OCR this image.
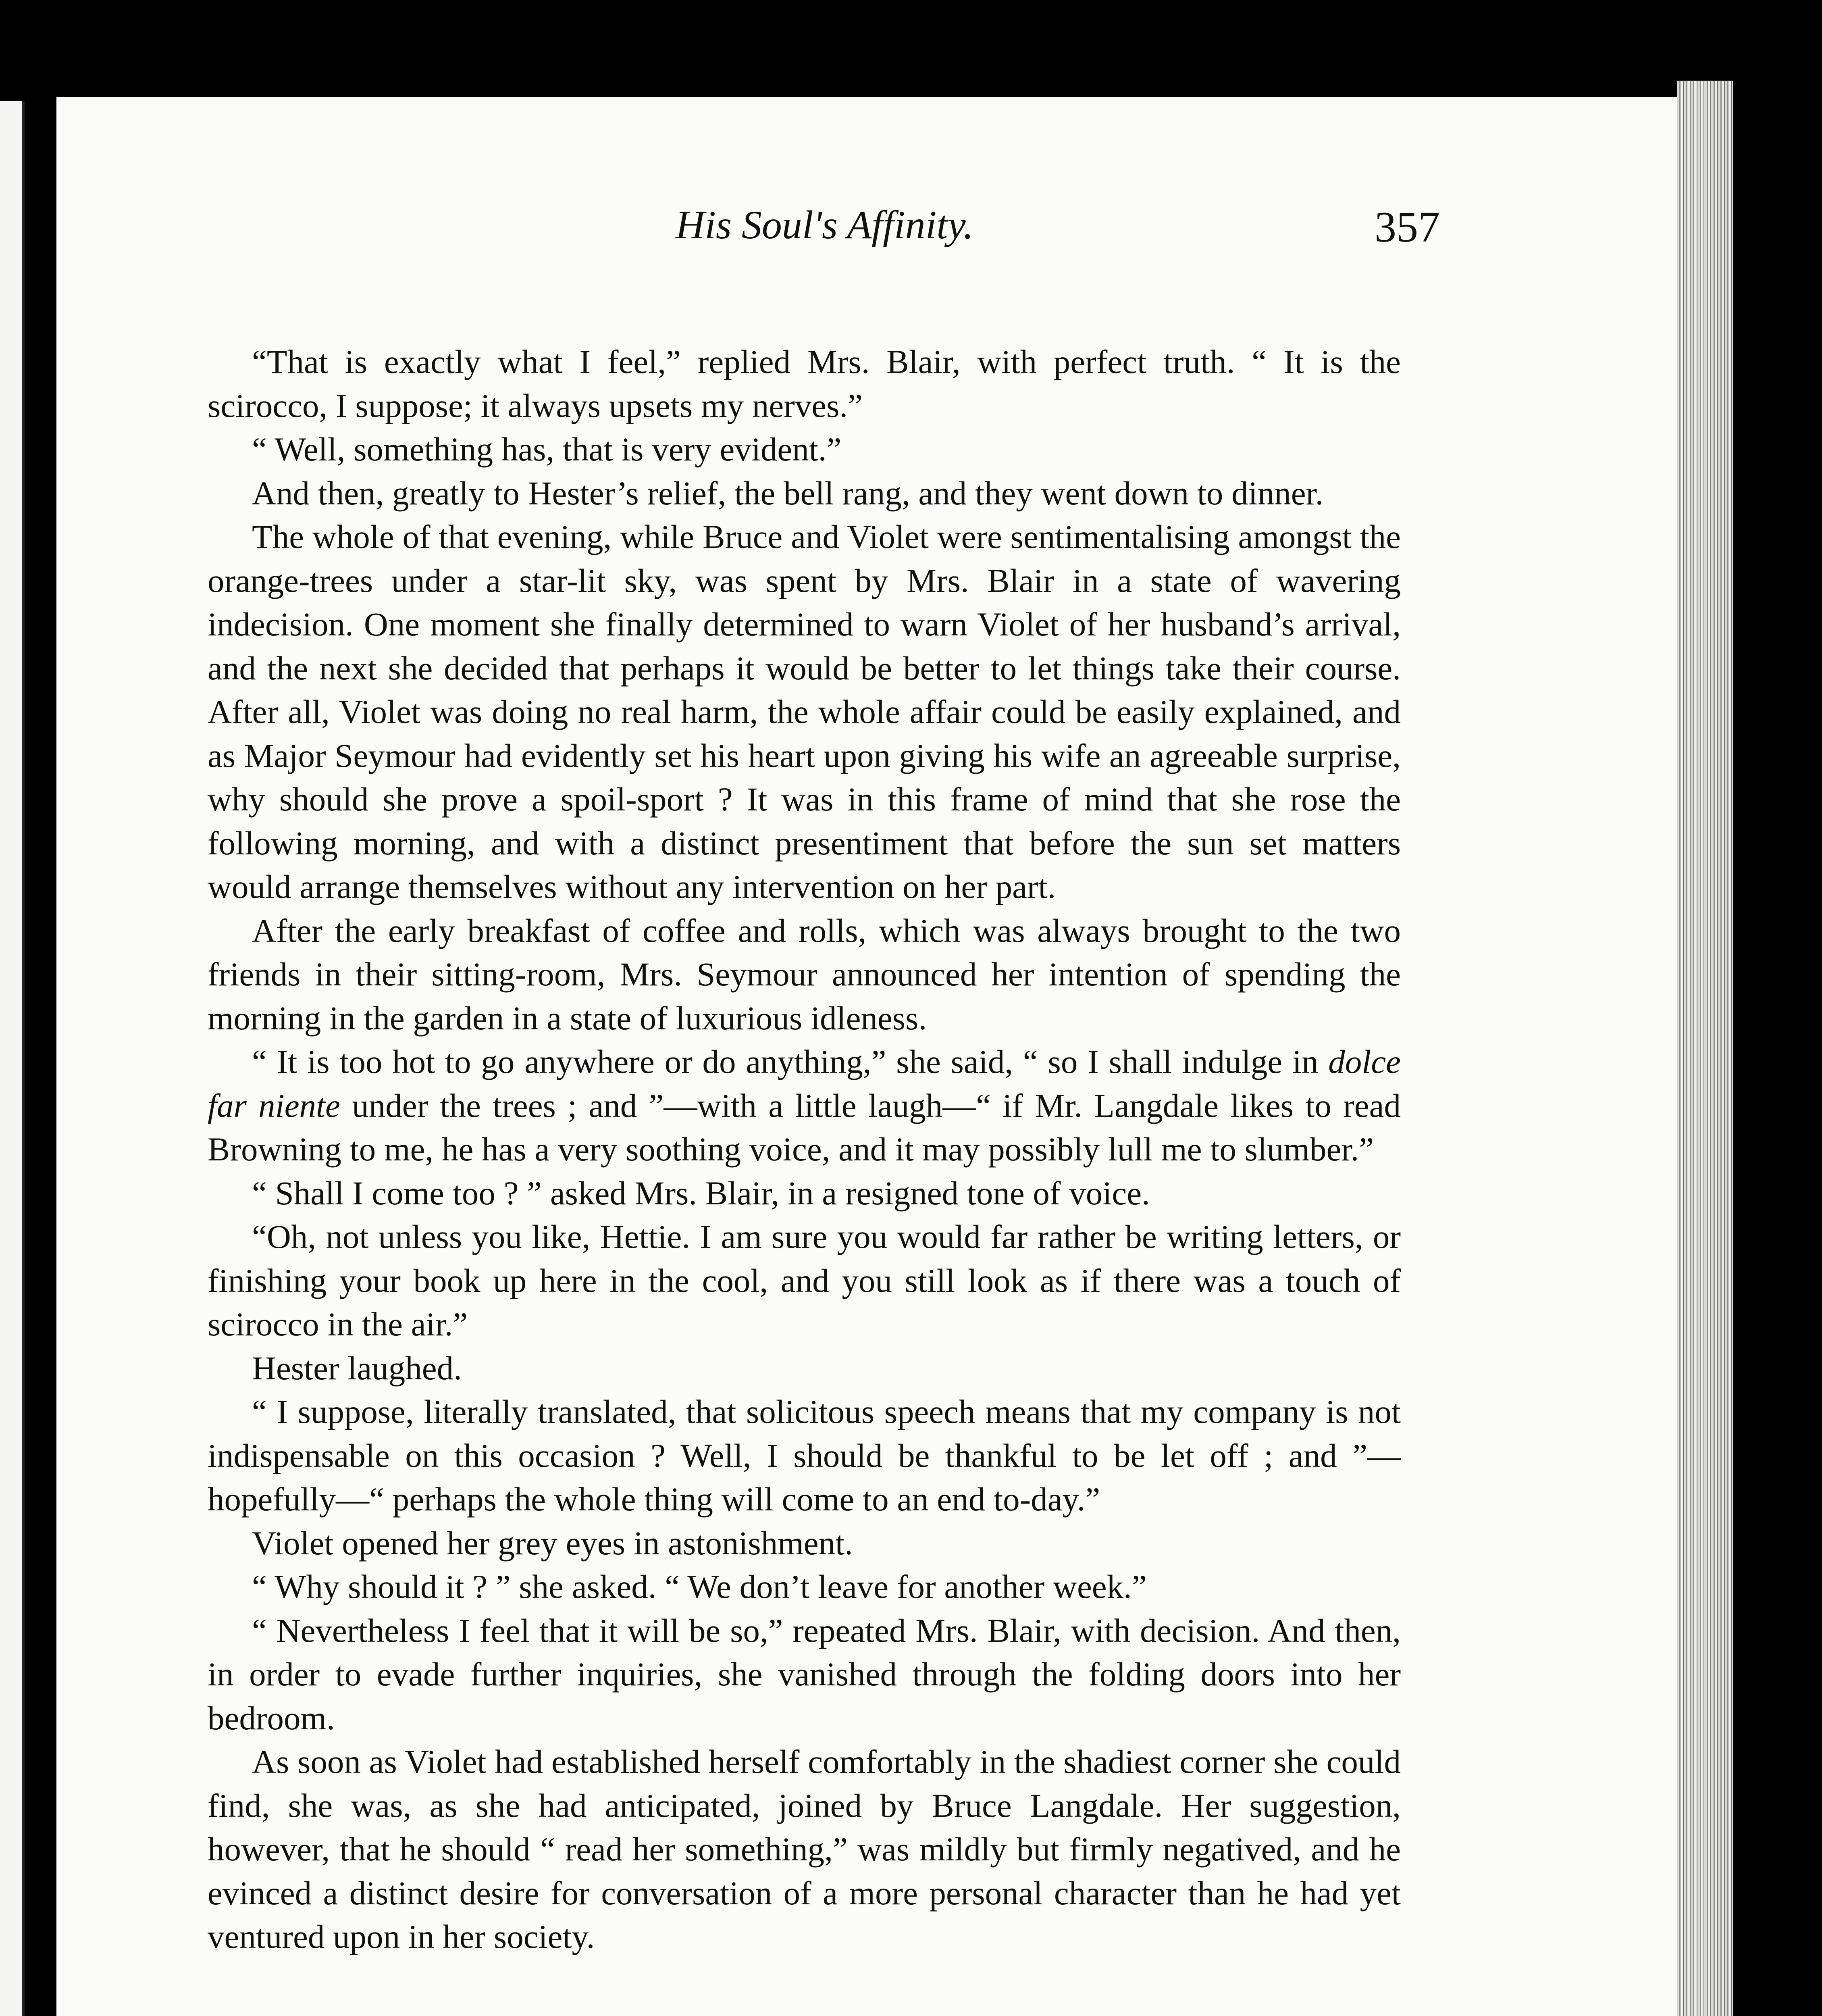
His Soul's Affinity.	357

“That is exactly what I feel,” replied Mrs. Blair, with perfect truth. “ It is the scirocco, I suppose; it always upsets my nerves.”

“ Well, something has, that is very evident.”

And then, greatly to Hester’s relief, the bell rang, and they went down to dinner.

The whole of that evening, while Bruce and Violet were sentimentalising amongst the orange-trees under a star-lit sky, was spent by Mrs. Blair in a state of wavering indecision. One moment she finally determined to warn Violet of her husband’s arrival, and the next she decided that perhaps it would be better to let things take their course. After all, Violet was doing no real harm, the whole affair could be easily explained, and as Major Seymour had evidently set his heart upon giving his wife an agreeable surprise, why should she prove a spoil-sport ? It was in this frame of mind that she rose the following morning, and with a distinct presentiment that before the sun set matters would arrange themselves without any intervention on her part.

After the early breakfast of coffee and rolls, which was always brought to the two friends in their sitting-room, Mrs. Seymour announced her intention of spending the morning in the garden in a state of luxurious idleness.

“ It is too hot to go anywhere or do anything,” she said, “ so I shall indulge in dolce far niente under the trees ; and ”—with a little laugh—“ if Mr. Langdale likes to read Browning to me, he has a very soothing voice, and it may possibly lull me to slumber.”

“ Shall I come too ? ” asked Mrs. Blair, in a resigned tone of voice.

“Oh, not unless you like, Hettie. I am sure you would far rather be writing letters, or finishing your book up here in the cool, and you still look as if there was a touch of scirocco in the air.”

Hester laughed.

“ I suppose, literally translated, that solicitous speech means that my company is not indispensable on this occasion ? Well, I should be thankful to be let off ; and ”—hopefully—“ perhaps the whole thing will come to an end to-day.”

Violet opened her grey eyes in astonishment.

“ Why should it ? ” she asked. “ We don’t leave for another week.”

“ Nevertheless I feel that it will be so,” repeated Mrs. Blair, with decision. And then, in order to evade further inquiries, she vanished through the folding doors into her bedroom.

As soon as Violet had established herself comfortably in the shadiest corner she could find, she was, as she had anticipated, joined by Bruce Langdale. Her suggestion, however, that he should “ read her something,” was mildly but firmly negatived, and he evinced a distinct desire for conversation of a more personal character than he had yet ventured upon in her society.
